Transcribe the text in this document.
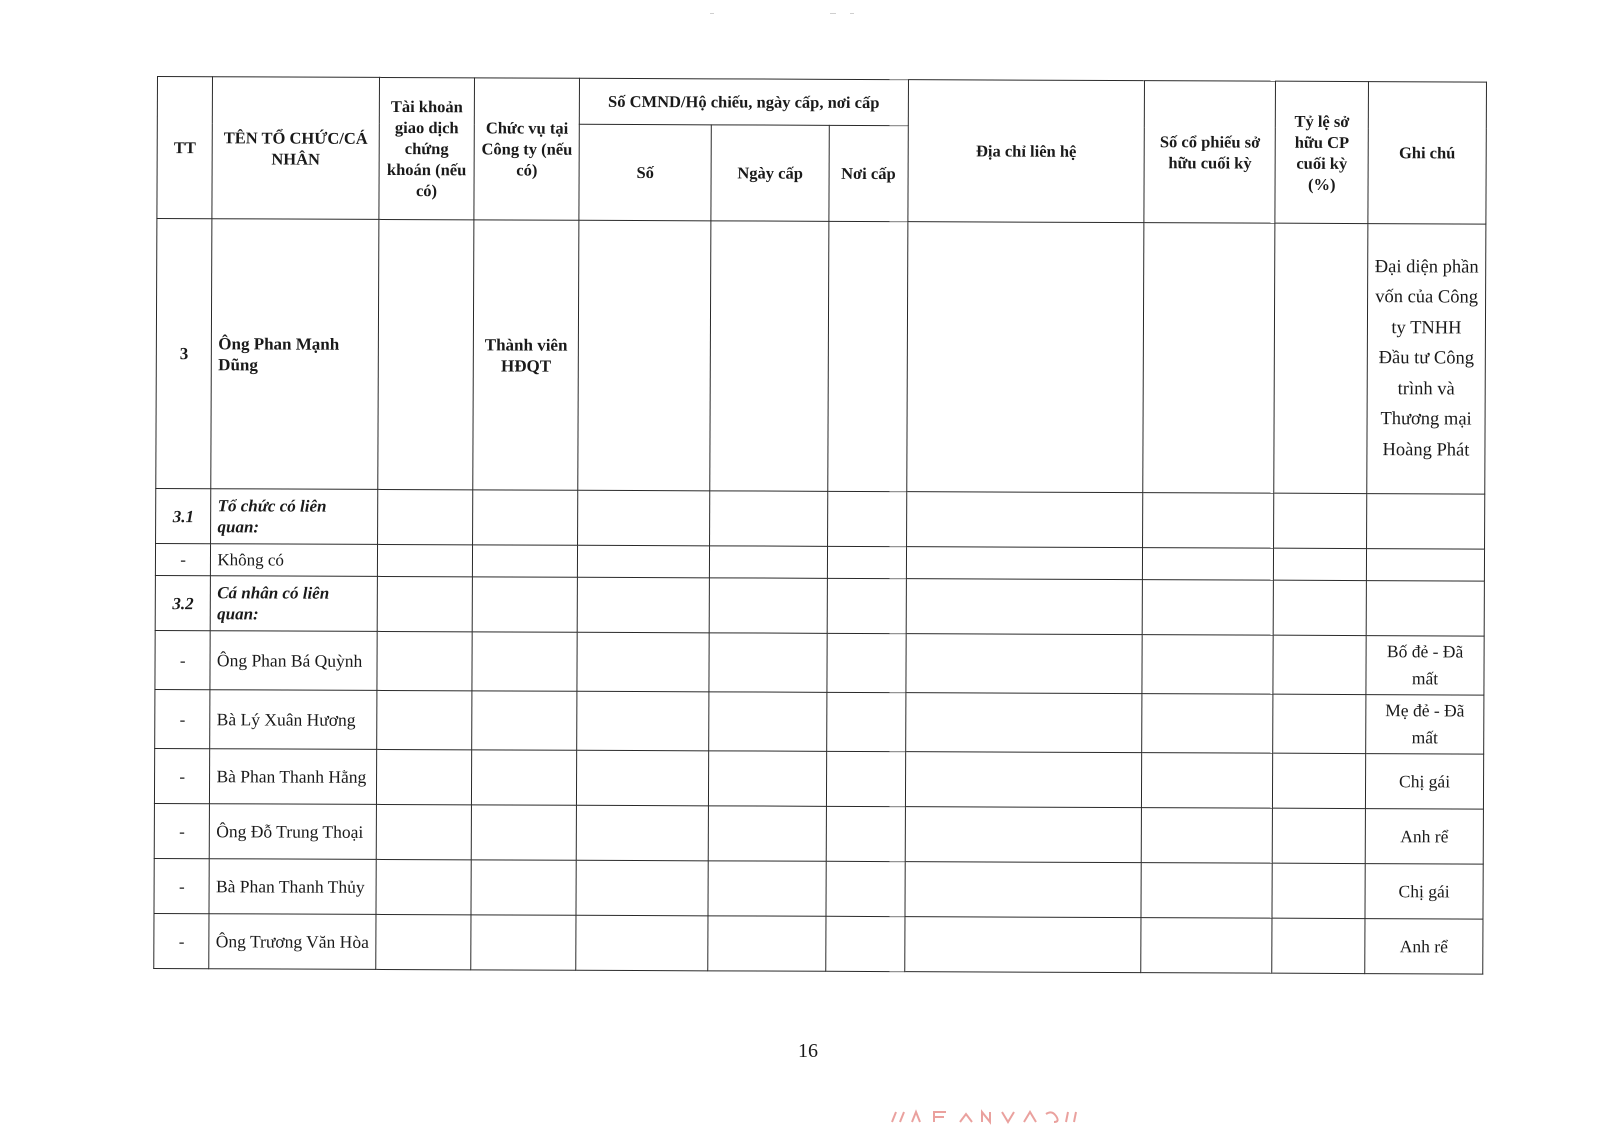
TT	TÊN TỔ CHỨC/CÁ NHÂN	Tài khoản giao dịch chứng khoán (nếu có)	Chức vụ tại Công ty (nếu có)	Số CMND/Hộ chiếu, ngày cấp, nơi cấp			Địa chỉ liên hệ	Số cổ phiếu sở hữu cuối kỳ	Tỷ lệ sở hữu CP cuối kỳ (%)	Ghi chú
				Số	Ngày cấp	Nơi cấp				
3	Ông Phan Mạnh Dũng		Thành viên HĐQT							Đại diện phần vốn của Công ty TNHH Đầu tư Công trình và Thương mại Hoàng Phát
3.1	Tổ chức có liên quan:									
-	Không có									
3.2	Cá nhân có liên quan:									
-	Ông Phan Bá Quỳnh									Bố đẻ - Đã mất
-	Bà Lý Xuân Hương									Mẹ đẻ - Đã mất
-	Bà Phan Thanh Hằng									Chị gái
-	Ông Đỗ Trung Thoại									Anh rể
-	Bà Phan Thanh Thủy									Chị gái
-	Ông Trương Văn Hòa									Anh rể
16
